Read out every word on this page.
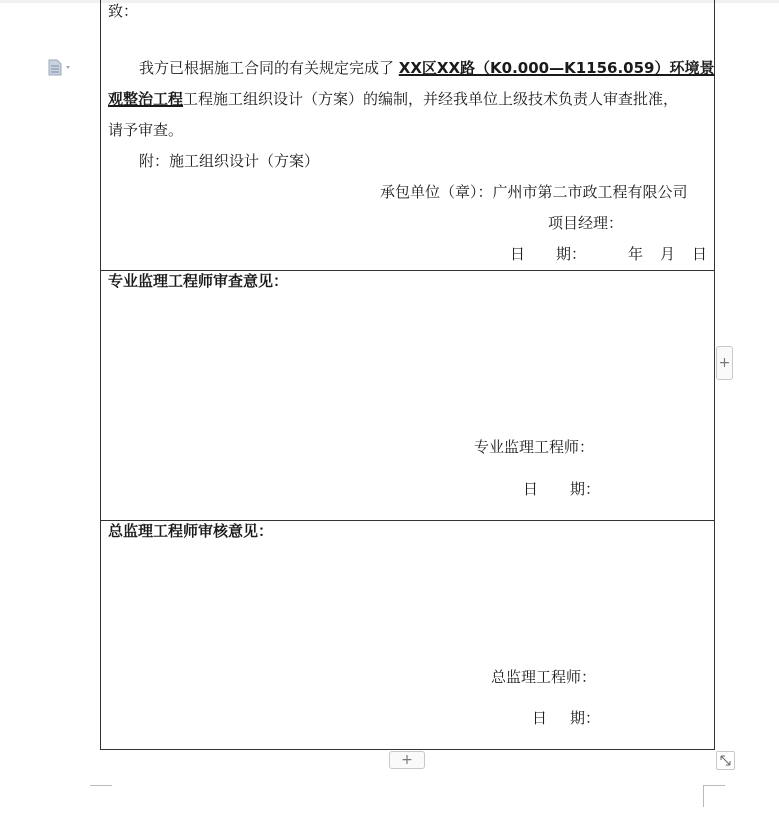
致：
我方已根据施工合同的有关规定完成了 XX区XX路（K0.000—K1156.059）环境景
观整治工程工程施工组织设计（方案）的编制，并经我单位上级技术负责人审查批准，
请予审查。
附：施工组织设计（方案）
承包单位（章）：广州市第二市政工程有限公司
项目经理：
日 期：	年 月 日
专业监理工程师审查意见：
专业监理工程师：
日 期：
总监理工程师审核意见：
总监理工程师：
日 期：
+
+
